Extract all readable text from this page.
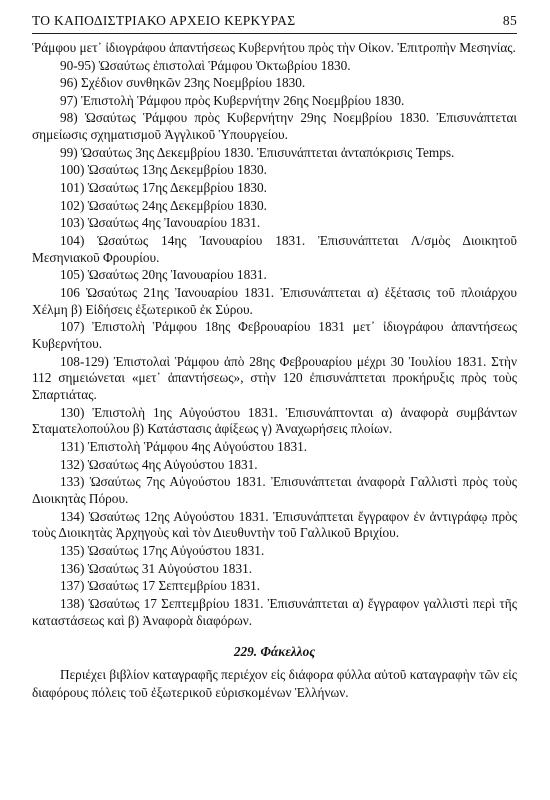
ΤΟ ΚΑΠΟΔΙΣΤΡΙΑΚΟ ΑΡΧΕΙΟ ΚΕΡΚΥΡΑΣ	85

Ῥάμφου μετ᾽ ἰδιογράφου ἀπαντήσεως Κυβερνήτου πρὸς τὴν Οἰκον. Ἐπιτροπὴν Μεσηνίας.

90-95) Ὡσαύτως ἐπιστολαὶ Ῥάμφου Ὀκτωβρίου 1830.

96) Σχέδιον συνθηκῶν 23ης Νοεμβρίου 1830.

97) Ἐπιστολὴ Ῥάμφου πρὸς Κυβερνήτην 26ης Νοεμβρίου 1830.

98) Ὡσαύτως Ῥάμφου πρὸς Κυβερνήτην 29ης Νοεμβρίου 1830. Ἐπισυνάπτεται σημείωσις σχηματισμοῦ Ἀγγλικοῦ Ὑπουργείου.

99) Ὡσαύτως 3ης Δεκεμβρίου 1830. Ἐπισυνάπτεται ἀνταπόκρισις Temps.

100) Ὡσαύτως 13ης Δεκεμβρίου 1830.

101) Ὡσαύτως 17ης Δεκεμβρίου 1830.

102) Ὡσαύτως 24ης Δεκεμβρίου 1830.

103) Ὡσαύτως 4ης Ἰανουαρίου 1831.

104) Ὡσαύτως 14ης Ἰανουαρίου 1831. Ἐπισυνάπτεται Λ/σμὸς Διοικητοῦ Μεσηνιακοῦ Φρουρίου.

105) Ὡσαύτως 20ης Ἰανουαρίου 1831.

106 Ὡσαύτως 21ης Ἰανουαρίου 1831. Ἐπισυνάπτεται α) ἐξέτασις τοῦ πλοιάρχου Χέλμη β) Εἰδήσεις ἐξωτερικοῦ ἐκ Σύρου.

107) Ἐπιστολὴ Ῥάμφου 18ης Φεβρουαρίου 1831 μετ᾽ ἰδιογράφου ἀπαντήσεως Κυβερνήτου.

108-129) Ἐπιστολαὶ Ῥάμφου ἀπὸ 28ης Φεβρουαρίου μέχρι 30 Ἰουλίου 1831. Στὴν 112 σημειώνεται «μετ᾽ ἀπαντήσεως», στὴν 120 ἐπισυνάπτεται προκήρυξις πρὸς τοὺς Σπαρτιάτας.

130) Ἐπιστολὴ 1ης Αὐγούστου 1831. Ἐπισυνάπτονται α) ἀναφορὰ συμβάντων Σταματελοπούλου β) Κατάστασις ἀφίξεως γ) Ἀναχωρήσεις πλοίων.

131) Ἐπιστολὴ Ῥάμφου 4ης Αὐγούστου 1831.

132) Ὡσαύτως 4ης Αὐγούστου 1831.

133) Ὡσαύτως 7ης Αὐγούστου 1831. Ἐπισυνάπτεται ἀναφορὰ Γαλλιστὶ πρὸς τοὺς Διοικητὰς Πόρου.

134) Ὡσαύτως 12ης Αὐγούστου 1831. Ἐπισυνάπτεται ἔγγραφον ἐν ἀντιγράφῳ πρὸς τοὺς Διοικητὰς Ἀρχηγοὺς καὶ τὸν Διευθυντὴν τοῦ Γαλλικοῦ Βριχίου.

135) Ὡσαύτως 17ης Αὐγούστου 1831.

136) Ὡσαύτως 31 Αὐγούστου 1831.

137) Ὡσαύτως 17 Σεπτεμβρίου 1831.

138) Ὡσαύτως 17 Σεπτεμβρίου 1831. Ἐπισυνάπτεται α) ἔγγραφον γαλλιστὶ περὶ τῆς καταστάσεως καὶ β) Ἀναφορὰ διαφόρων.

229. Φάκελλος

Περιέχει βιβλίον καταγραφῆς περιέχον εἰς διάφορα φύλλα αὐτοῦ καταγραφὴν τῶν εἰς διαφόρους πόλεις τοῦ ἐξωτερικοῦ εὑρισκομένων Ἑλλήνων.
